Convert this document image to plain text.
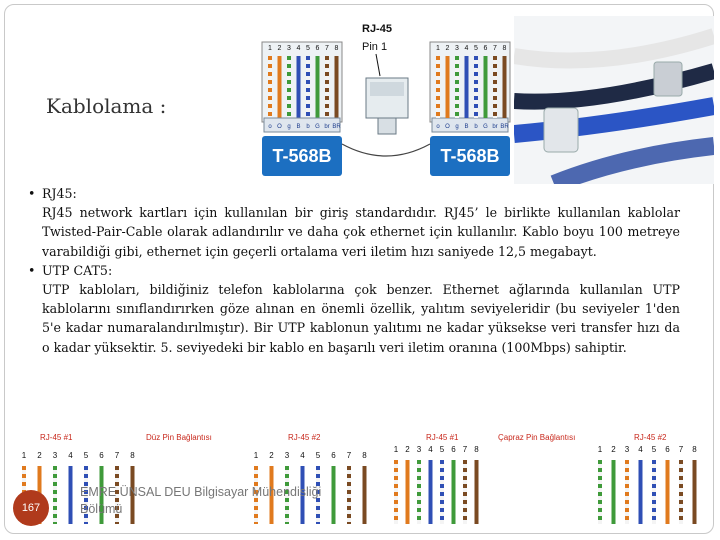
Kablolama :
T-568B	T-568B
RJ-45
Pin 1
1 2 3 4 5 6 7 8
o O g B b G br BR
1 2 3 4 5 6 7 8
o O g B b G br BR
• RJ45:
RJ45 network kartları için kullanılan bir giriş standardıdır. RJ45’ le birlikte kullanılan kablolar Twisted-Pair-Cable olarak adlandırılır ve daha çok ethernet için kullanılır. Kablo boyu 100 metreye varabildiği gibi, ethernet için geçerli ortalama veri iletim hızı saniyede 12,5 megabayt.
• UTP CAT5:
UTP kabloları, bildiğiniz telefon kablolarına çok benzer. Ethernet ağlarında kullanılan UTP kablolarını sınıflandırırken göze alınan en önemli özellik, yalıtım seviyeleridir (bu seviyeler 1'den 5'e kadar numaralandırılmıştır). Bir UTP kablonun yalıtımı ne kadar yüksekse veri transfer hızı da o kadar yüksektir. 5. seviyedeki bir kablo en başarılı veri iletim oranına (100Mbps) sahiptir.
RJ-45 #1	Düz Pin Bağlantısı	RJ-45 #2
1 2 3 4 5 6 7 8	1 2 3 4 5 6 7 8
RJ-45 #1	Çapraz Pin Bağlantısı	RJ-45 #2
1 2 3 4 5 6 7 8	1 2 3 4 5 6 7 8
167
EMRE ÜNSAL DEU Bilgisayar Mühendisliği
Bölümü
